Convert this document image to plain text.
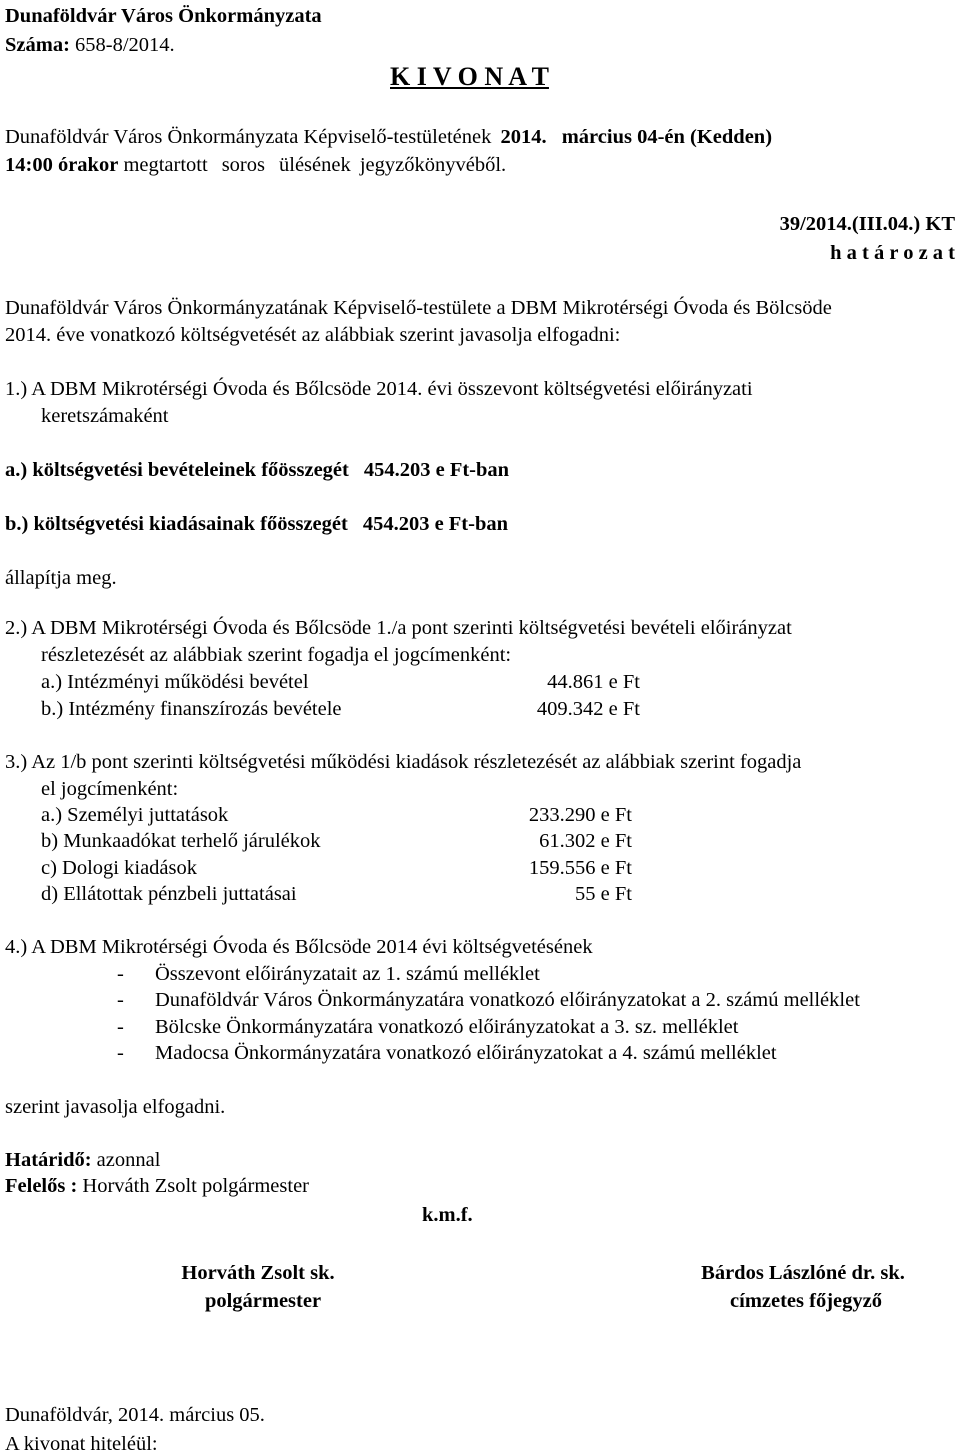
Dunaföldvár Város Önkormányzata
Száma: 658-8/2014.
K I V O N A T
Dunaföldvár Város Önkormányzata Képviselő-testületének 2014. március 04-én (Kedden)
14:00 órakor megtartott soros ülésének jegyzőkönyvéből.
39/2014.(III.04.) KT
h a t á r o z a t
Dunaföldvár Város Önkormányzatának Képviselő-testülete a DBM Mikrotérségi Óvoda és Bölcsöde
2014. éve vonatkozó költségvetését az alábbiak szerint javasolja elfogadni:
1.) A DBM Mikrotérségi Óvoda és Bőlcsöde 2014. évi összevont költségvetési előirányzati
keretszámaként
a.) költségvetési bevételeinek főösszegét 454.203 e Ft-ban
b.) költségvetési kiadásainak főösszegét 454.203 e Ft-ban
állapítja meg.
2.) A DBM Mikrotérségi Óvoda és Bőlcsöde 1./a pont szerinti költségvetési bevételi előirányzat
részletezését az alábbiak szerint fogadja el jogcímenként:
a.) Intézményi működési bevétel	44.861 e Ft
b.) Intézmény finanszírozás bevétele	409.342 e Ft
3.) Az 1/b pont szerinti költségvetési működési kiadások részletezését az alábbiak szerint fogadja
el jogcímenként:
a.) Személyi juttatások	233.290 e Ft
b) Munkaadókat terhelő járulékok	61.302 e Ft
c) Dologi kiadások	159.556 e Ft
d) Ellátottak pénzbeli juttatásai	55 e Ft
4.) A DBM Mikrotérségi Óvoda és Bőlcsöde 2014 évi költségvetésének
- Összevont előirányzatait az 1. számú melléklet
- Dunaföldvár Város Önkormányzatára vonatkozó előirányzatokat a 2. számú melléklet
- Bölcske Önkormányzatára vonatkozó előirányzatokat a 3. sz. melléklet
- Madocsa Önkormányzatára vonatkozó előirányzatokat a 4. számú melléklet
szerint javasolja elfogadni.
Határidő: azonnal
Felelős : Horváth Zsolt polgármester
k.m.f.
Horváth Zsolt sk.
polgármester
Bárdos Lászlóné dr. sk.
címzetes főjegyző
Dunaföldvár, 2014. március 05.
A kivonat hiteléül:
